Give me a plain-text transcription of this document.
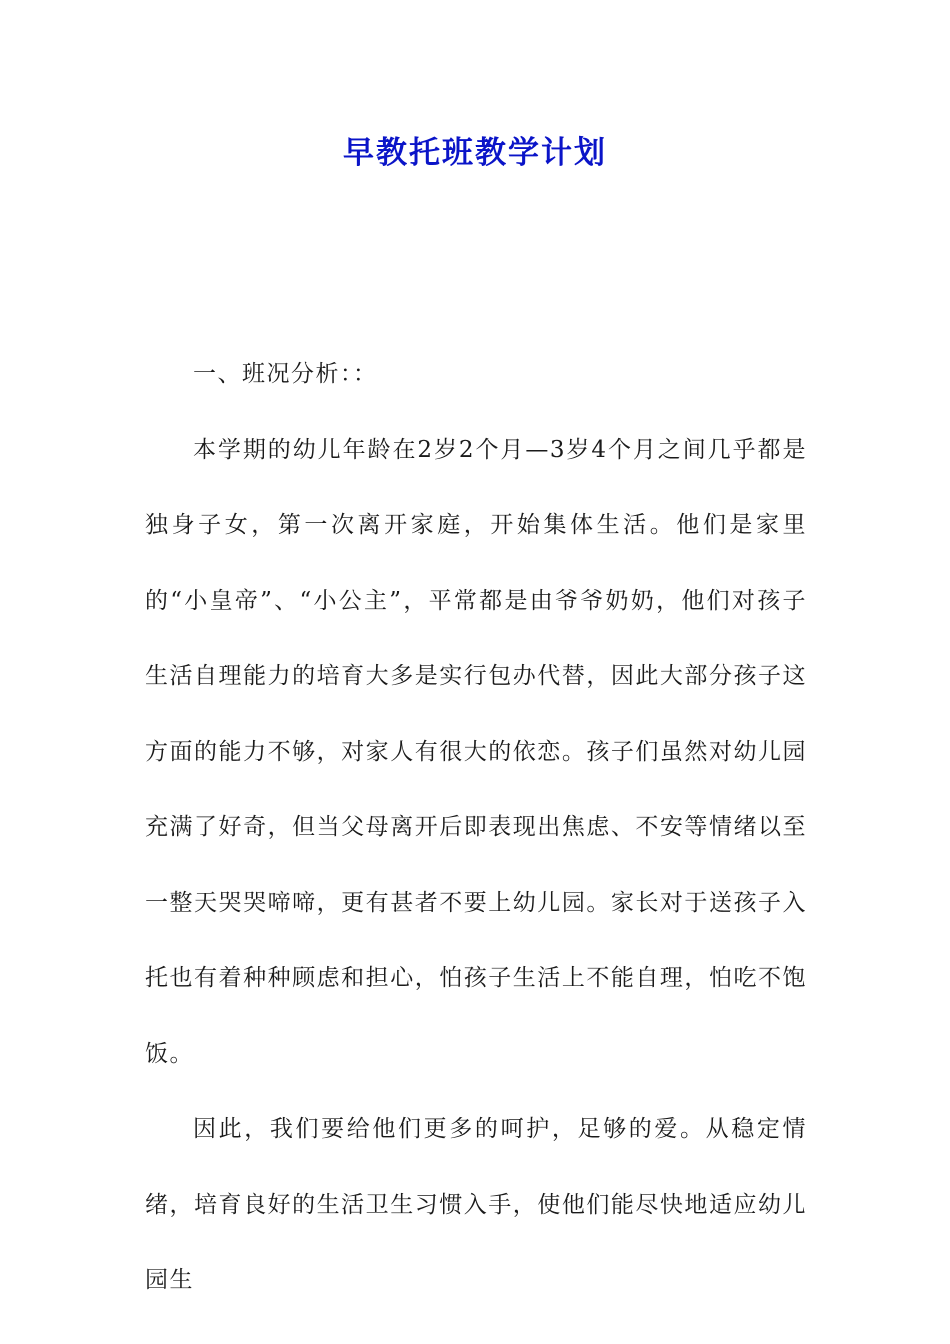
早教托班教学计划

一、班况分析：：

本学期的幼儿年龄在2岁2个月—3岁4个月之间几乎都是独身子女，第一次离开家庭，开始集体生活。他们是家里的“小皇帝”、“小公主”，平常都是由爷爷奶奶，他们对孩子生活自理能力的培育大多是实行包办代替，因此大部分孩子这方面的能力不够，对家人有很大的依恋。孩子们虽然对幼儿园充满了好奇，但当父母离开后即表现出焦虑、不安等情绪以至一整天哭哭啼啼，更有甚者不要上幼儿园。家长对于送孩子入托也有着种种顾虑和担心，怕孩子生活上不能自理，怕吃不饱饭。

因此，我们要给他们更多的呵护，足够的爱。从稳定情绪，培育良好的生活卫生习惯入手，使他们能尽快地适应幼儿园生
